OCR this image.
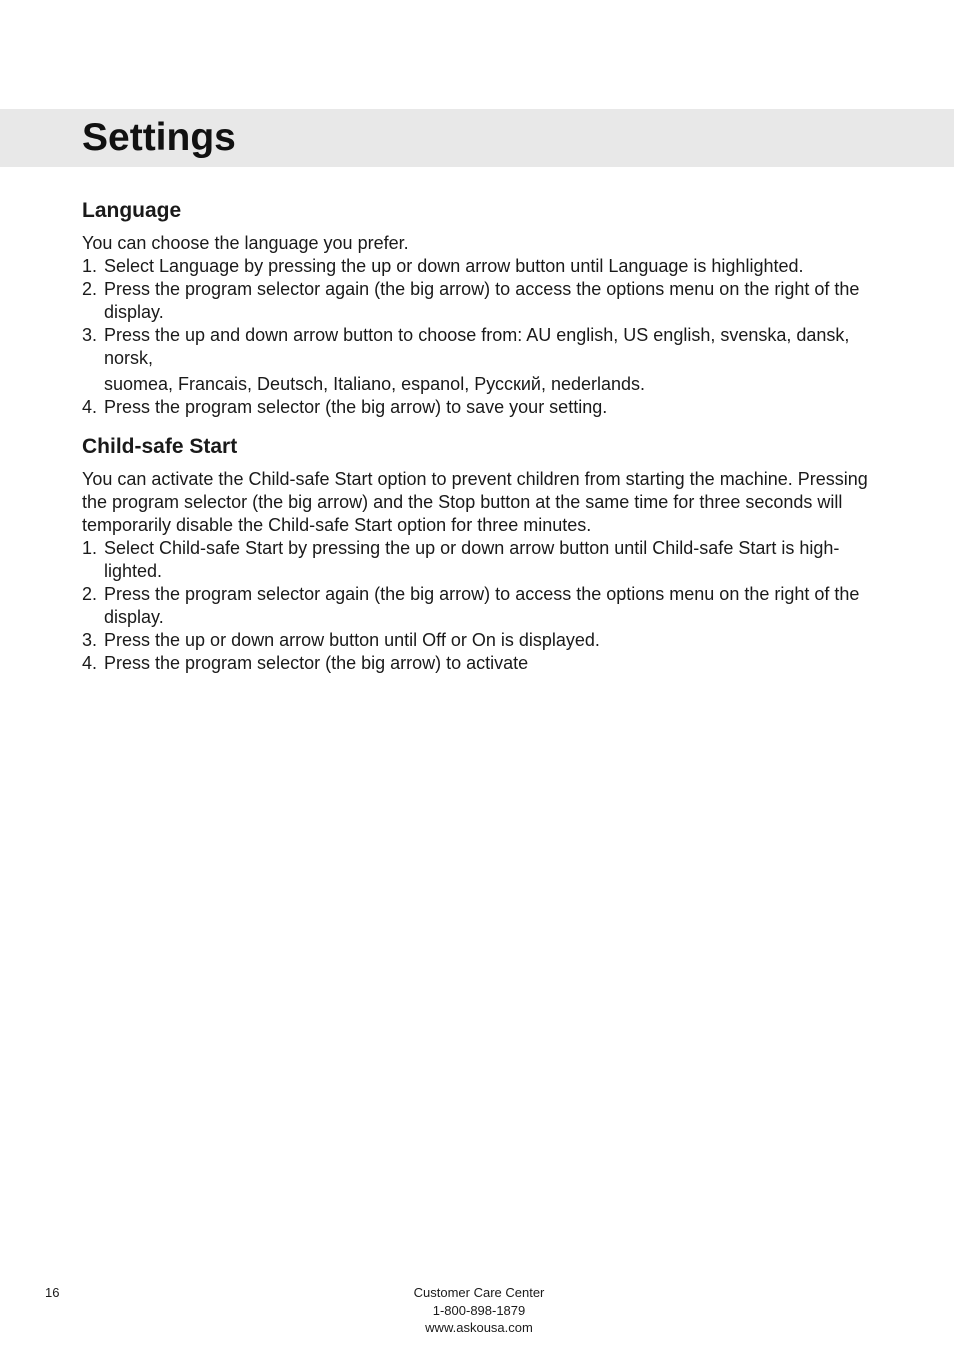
Settings
Language

You can choose the language you prefer.

1. Select Language by pressing the up or down arrow button until Language is highlighted.
2. Press the program selector again (the big arrow) to access the options menu on the right of the display.
3. Press the up and down arrow button to choose from: AU english, US english, svenska, dansk, norsk,
suomea, Francais, Deutsch, Italiano, espanol, Русский, nederlands.
4. Press the program selector (the big arrow) to save your setting.
Child-safe Start

You can activate the Child-safe Start option to prevent children from starting the machine. Pressing the program selector (the big arrow) and the Stop button at the same time for three seconds will temporarily disable the Child-safe Start option for three minutes.

1. Select Child-safe Start by pressing the up or down arrow button until Child-safe Start is high-lighted.
2. Press the program selector again (the big arrow) to access the options menu on the right of the display.
3. Press the up or down arrow button until Off or On is displayed.
4. Press the program selector (the big arrow) to activate
16	Customer Care Center
1-800-898-1879
www.askousa.com
